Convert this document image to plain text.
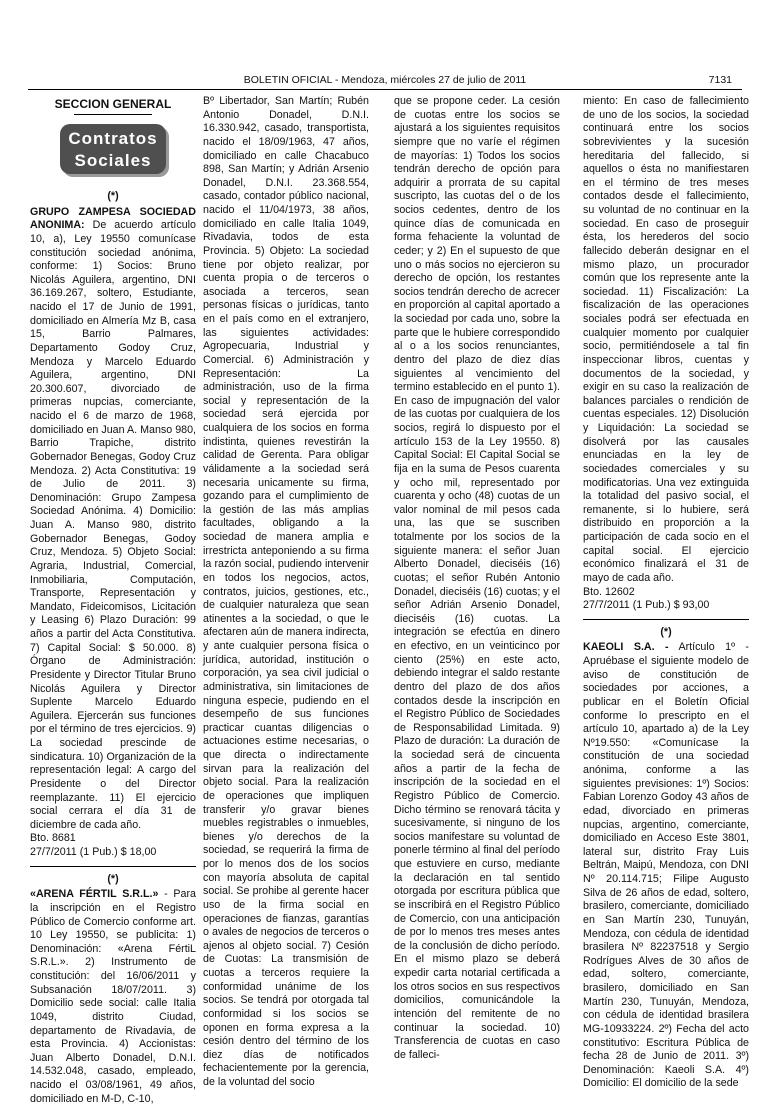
BOLETIN OFICIAL - Mendoza, miércoles 27 de julio de 2011	7131
SECCION GENERAL
Contratos
Sociales
(*)

GRUPO ZAMPESA SOCIEDAD ANONIMA: De acuerdo artículo 10, a), Ley 19550 comunícase constitución sociedad anónima, conforme: 1) Socios: Bruno Nicolás Aguilera, argentino, DNI 36.169.267, soltero, Estudiante, nacido el 17 de Junio de 1991, domiciliado en Almería Mz B, casa 15, Barrio Palmares, Departamento Godoy Cruz, Mendoza y Marcelo Eduardo Aguilera, argentino, DNI 20.300.607, divorciado de primeras nupcias, comerciante, nacido el 6 de marzo de 1968, domiciliado en Juan A. Manso 980, Barrio Trapiche, distrito Gobernador Benegas, Godoy Cruz Mendoza. 2) Acta Constitutiva: 19 de Julio de 2011. 3) Denominación: Grupo Zampesa Sociedad Anónima. 4) Domicilio: Juan A. Manso 980, distrito Gobernador Benegas, Godoy Cruz, Mendoza. 5) Objeto Social: Agraria, Industrial, Comercial, Inmobiliaria, Computación, Transporte, Representación y Mandato, Fideicomisos, Licitación y Leasing 6) Plazo Duración: 99 años a partir del Acta Constitutiva. 7) Capital Social: $ 50.000. 8) Órgano de Administración: Presidente y Director Titular Bruno Nicolás Aguilera y Director Suplente Marcelo Eduardo Aguilera. Ejercerán sus funciones por el término de tres ejercicios. 9) La sociedad prescinde de sindicatura. 10) Organización de la representación legal: A cargo del Presidente o del Director reemplazante. 11) El ejercicio social cerrara el día 31 de diciembre de cada año.

Bto. 8681

27/7/2011 (1 Pub.) $ 18,00

(*)

«ARENA FÉRTIL S.R.L.» - Para la inscripción en el Registro Público de Comercio conforme art. 10 Ley 19550, se publicita: 1) Denominación: «Arena FértiL S.R.L.». 2) Instrumento de constitución: del 16/06/2011 y Subsanación 18/07/2011. 3) Domicilio sede social: calle Italia 1049, distrito Ciudad, departamento de Rivadavia, de esta Provincia. 4) Accionistas: Juan Alberto Donadel, D.N.I. 14.532.048, casado, empleado, nacido el 03/08/1961, 49 años, domiciliado en M-D, C-10,

Bº Libertador, San Martín; Rubén Antonio Donadel, D.N.I. 16.330.942, casado, transportista, nacido el 18/09/1963, 47 años, domiciliado en calle Chacabuco 898, San Martín; y Adrián Arsenio Donadel, D.N.I. 23.368.554, casado, contador público nacional, nacido el 11/04/1973, 38 años, domiciliado en calle Italia 1049, Rivadavia, todos de esta Provincia. 5) Objeto: La sociedad tiene por objeto realizar, por cuenta propia o de terceros o asociada a terceros, sean personas físicas o jurídicas, tanto en el país como en el extranjero, las siguientes actividades: Agropecuaria, Industrial y Comercial. 6) Administración y Representación: La administración, uso de la firma social y representación de la sociedad será ejercida por cualquiera de los socios en forma indistinta, quienes revestirán la calidad de Gerenta. Para obligar válidamente a la sociedad será necesaria unicamente su firma, gozando para el cumplimiento de la gestión de las más amplias facultades, obligando a la sociedad de manera amplia e irrestricta anteponiendo a su firma la razón social, pudiendo intervenir en todos los negocios, actos, contratos, juicios, gestiones, etc., de cualquier naturaleza que sean atinentes a la sociedad, o que le afectaren aún de manera indirecta, y ante cualquier persona física o jurídica, autoridad, institución o corporación, ya sea civil judicial o administrativa, sin limitaciones de ninguna especie, pudiendo en el desempeño de sus funciones practicar cuantas diligencias o actuaciones estime necesarias, o que directa o indirectamente sirvan para la realización del objeto social. Para la realización de operaciones que impliquen transferir y/o gravar bienes muebles registrables o inmuebles, bienes y/o derechos de la sociedad, se requerirá la firma de por lo menos dos de los socios con mayoría absoluta de capital social. Se prohibe al gerente hacer uso de la firma social en operaciones de fianzas, garantías o avales de negocios de terceros o ajenos al objeto social. 7) Cesión de Cuotas: La transmisión de cuotas a terceros requiere la conformidad unánime de los socios. Se tendrá por otorgada tal conformidad si los socios se oponen en forma expresa a la cesión dentro del término de los diez días de notificados fechacientemente por la gerencia, de la voluntad del socio

que se propone ceder. La cesión de cuotas entre los socios se ajustará a los siguientes requisitos siempre que no varíe el régimen de mayorías: 1) Todos los socios tendrán derecho de opción para adquirir a prorrata de su capital suscripto, las cuotas del o de los socios cedentes, dentro de los quince días de comunicada en forma fehaciente la voluntad de ceder; y 2) En el supuesto de que uno o más socios no ejercieron su derecho de opción, los restantes socios tendrán derecho de acrecer en proporción al capital aportado a la sociedad por cada uno, sobre la parte que le hubiere correspondido al o a los socios renunciantes, dentro del plazo de diez días siguientes al vencimiento del termino establecido en el punto 1). En caso de impugnación del valor de las cuotas por cualquiera de los socios, regirá lo dispuesto por el artículo 153 de la Ley 19550. 8) Capital Social: El Capital Social se fija en la suma de Pesos cuarenta y ocho mil, representado por cuarenta y ocho (48) cuotas de un valor nominal de mil pesos cada una, las que se suscriben totalmente por los socios de la siguiente manera: el señor Juan Alberto Donadel, dieciséis (16) cuotas; el señor Rubén Antonio Donadel, dieciséis (16) cuotas; y el señor Adrián Arsenio Donadel, dieciséis (16) cuotas. La integración se efectúa en dinero en efectivo, en un veinticinco por ciento (25%) en este acto, debiendo integrar el saldo restante dentro del plazo de dos años contados desde la inscripción en el Registro Público de Sociedades de Responsabilidad Limitada. 9) Plazo de duración: La duración de la sociedad será de cincuenta años a partir de la fecha de inscripción de la sociedad en el Registro Público de Comercio. Dicho término se renovará tácita y sucesivamente, si ninguno de los socios manifestare su voluntad de ponerle término al final del período que estuviere en curso, mediante la declaración en tal sentido otorgada por escritura pública que se inscribirá en el Registro Público de Comercio, con una anticipación de por lo menos tres meses antes de la conclusión de dicho período. En el mismo plazo se deberá expedir carta notarial certificada a los otros socios en sus respectivos domicilios, comunicándole la intención del remitente de no continuar la sociedad. 10) Transferencia de cuotas en caso de falleci-

miento: En caso de fallecimiento de uno de los socios, la sociedad continuará entre los socios sobrevivientes y la sucesión hereditaria del fallecido, si aquellos o ésta no manifiestaren en el término de tres meses contados desde el fallecimiento, su voluntad de no continuar en la sociedad. En caso de proseguir ésta, los herederos del socio fallecido deberán designar en el mismo plazo, un procurador común que los represente ante la sociedad. 11) Fiscalización: La fiscalización de las operaciones sociales podrá ser efectuada en cualquier momento por cualquier socio, permitiéndosele a tal fin inspeccionar libros, cuentas y documentos de la sociedad, y exigir en su caso la realización de balances parciales o rendición de cuentas especiales. 12) Disolución y Liquidación: La sociedad se disolverá por las causales enunciadas en la ley de sociedades comerciales y su modificatorias. Una vez extinguida la totalidad del pasivo social, el remanente, si lo hubiere, será distribuido en proporción a la participación de cada socio en el capital social. El ejercicio económico finalizará el 31 de mayo de cada año.

Bto. 12602

27/7/2011 (1 Pub.) $ 93,00

(*)

KAEOLI S.A. - Artículo 1º - Apruébase el siguiente modelo de aviso de constitución de sociedades por acciones, a publicar en el Boletín Oficial conforme lo prescripto en el artículo 10, apartado a) de la Ley Nº19.550: «Comunícase la constitución de una sociedad anónima, conforme a las siguientes previsiones: 1º) Socios: Fabian Lorenzo Godoy 43 años de edad, divorciado en primeras nupcias, argentino, comerciante, domiciliado en Acceso Este 3801, lateral sur, distrito Fray Luis Beltrán, Maipú, Mendoza, con DNI Nº 20.114.715; Filipe Augusto Silva de 26 años de edad, soltero, brasilero, comerciante, domiciliado en San Martín 230, Tunuyán, Mendoza, con cédula de identidad brasilera Nº 82237518 y Sergio Rodrígues Alves de 30 años de edad, soltero, comerciante, brasilero, domiciliado en San Martín 230, Tunuyán, Mendoza, con cédula de identidad brasilera MG-10933224. 2º) Fecha del acto constitutivo: Escritura Pública de fecha 28 de Junio de 2011. 3º) Denominación: Kaeoli S.A. 4º) Domicilio: El domicilio de la sede
